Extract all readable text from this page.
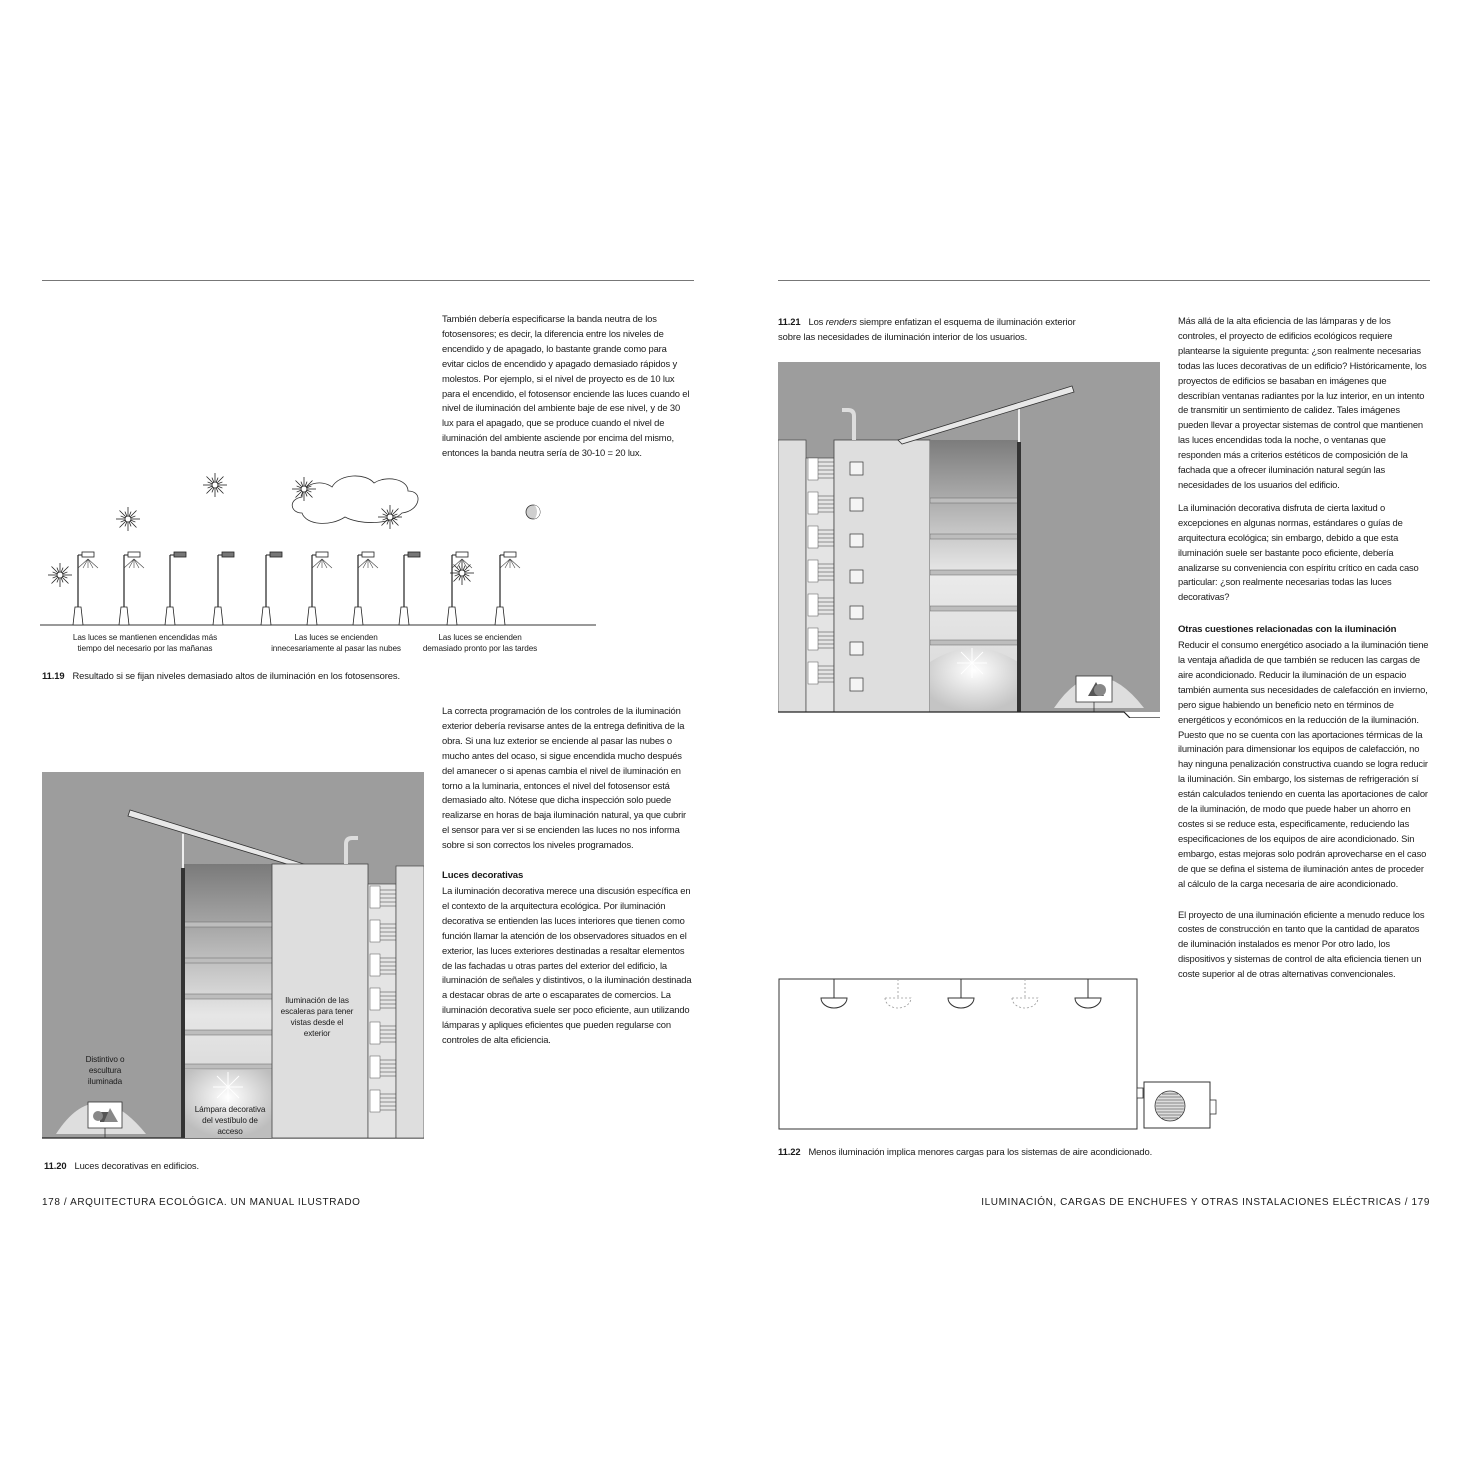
También debería especificarse la banda neutra de los fotosensores; es decir, la diferencia entre los niveles de encendido y de apagado, lo bastante grande como para evitar ciclos de encendido y apagado demasiado rápidos y molestos. Por ejemplo, si el nivel de proyecto es de 10 lux para el encendido, el fotosensor enciende las luces cuando el nivel de iluminación del ambiente baje de ese nivel, y de 30 lux para el apagado, que se produce cuando el nivel de iluminación del ambiente asciende por encima del mismo, entonces la banda neutra sería de 30-10 = 20 lux.

Las luces se mantienen encendidas más tiempo del necesario por las mañanas
Las luces se encienden innecesariamente al pasar las nubes
Las luces se encienden demasiado pronto por las tardes
11.19 Resultado si se fijan niveles demasiado altos de iluminación en los fotosensores.

La correcta programación de los controles de la iluminación exterior debería revisarse antes de la entrega definitiva de la obra. Si una luz exterior se enciende al pasar las nubes o mucho antes del ocaso, si sigue encendida mucho después del amanecer o si apenas cambia el nivel de iluminación en torno a la luminaria, entonces el nivel del fotosensor está demasiado alto. Nótese que dicha inspección solo puede realizarse en horas de baja iluminación natural, ya que cubrir el sensor para ver si se encienden las luces no nos informa sobre si son correctos los niveles programados.

Luces decorativas

La iluminación decorativa merece una discusión específica en el contexto de la arquitectura ecológica. Por iluminación decorativa se entienden las luces interiores que tienen como función llamar la atención de los observadores situados en el exterior, las luces exteriores destinadas a resaltar elementos de las fachadas u otras partes del exterior del edificio, la iluminación de señales y distintivos, o la iluminación destinada a destacar obras de arte o escaparates de comercios. La iluminación decorativa suele ser poco eficiente, aun utilizando lámparas y apliques eficientes que pueden regularse con controles de alta eficiencia.

Distintivo o escultura iluminada
Lámpara decorativa del vestíbulo de acceso
Iluminación de las escaleras para tener vistas desde el exterior
11.20 Luces decorativas en edificios.
178 / ARQUITECTURA ECOLÓGICA. UN MANUAL ILUSTRADO
11.21 Los renders siempre enfatizan el esquema de iluminación exterior
sobre las necesidades de iluminación interior de los usuarios.

Más allá de la alta eficiencia de las lámparas y de los controles, el proyecto de edificios ecológicos requiere plantearse la siguiente pregunta: ¿son realmente necesarias todas las luces decorativas de un edificio? Históricamente, los proyectos de edificios se basaban en imágenes que describían ventanas radiantes por la luz interior, en un intento de transmitir un sentimiento de calidez. Tales imágenes pueden llevar a proyectar sistemas de control que mantienen las luces encendidas toda la noche, o ventanas que responden más a criterios estéticos de composición de la fachada que a ofrecer iluminación natural según las necesidades de los usuarios del edificio.

La iluminación decorativa disfruta de cierta laxitud o excepciones en algunas normas, estándares o guías de arquitectura ecológica; sin embargo, debido a que esta iluminación suele ser bastante poco eficiente, debería analizarse su conveniencia con espíritu crítico en cada caso particular: ¿son realmente necesarias todas las luces decorativas?

Otras cuestiones relacionadas con la iluminación

Reducir el consumo energético asociado a la iluminación tiene la ventaja añadida de que también se reducen las cargas de aire acondicionado. Reducir la iluminación de un espacio también aumenta sus necesidades de calefacción en invierno, pero sigue habiendo un beneficio neto en términos de energéticos y económicos en la reducción de la iluminación. Puesto que no se cuenta con las aportaciones térmicas de la iluminación para dimensionar los equipos de calefacción, no hay ninguna penalización constructiva cuando se logra reducir la iluminación. Sin embargo, los sistemas de refrigeración sí están calculados teniendo en cuenta las aportaciones de calor de la iluminación, de modo que puede haber un ahorro en costes si se reduce esta, especificamente, reduciendo las especificaciones de los equipos de aire acondicionado. Sin embargo, estas mejoras solo podrán aprovecharse en el caso de que se defina el sistema de iluminación antes de proceder al cálculo de la carga necesaria de aire acondicionado.

El proyecto de una iluminación eficiente a menudo reduce los costes de construcción en tanto que la cantidad de aparatos de iluminación instalados es menor Por otro lado, los dispositivos y sistemas de control de alta eficiencia tienen un coste superior al de otras alternativas convencionales.

11.22 Menos iluminación implica menores cargas para los sistemas de aire acondicionado.
ILUMINACIÓN, CARGAS DE ENCHUFES Y OTRAS INSTALACIONES ELÉCTRICAS / 179
